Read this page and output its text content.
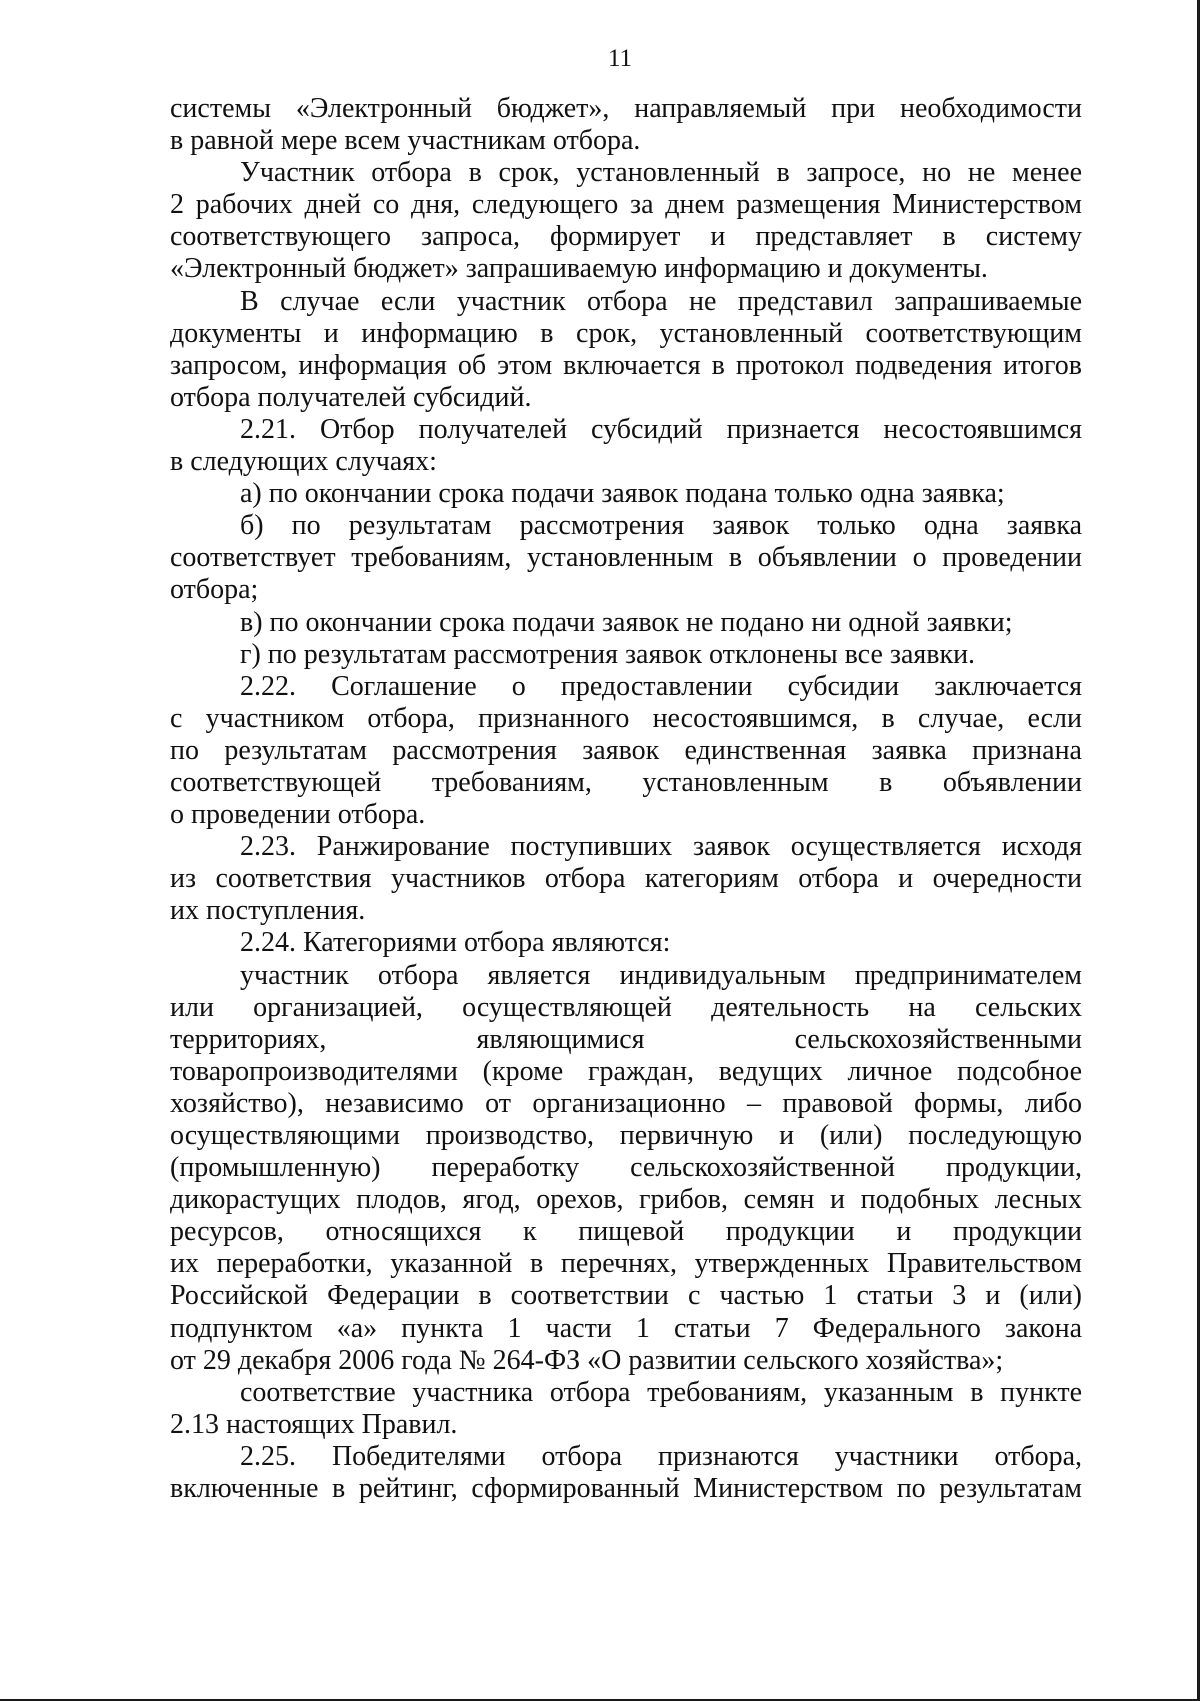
11
системы «Электронный бюджет», направляемый при необходимости
в равной мере всем участникам отбора.
Участник отбора в срок, установленный в запросе, но не менее
2 рабочих дней со дня, следующего за днем размещения Министерством
соответствующего запроса, формирует и представляет в систему
«Электронный бюджет» запрашиваемую информацию и документы.
В случае если участник отбора не представил запрашиваемые
документы и информацию в срок, установленный соответствующим
запросом, информация об этом включается в протокол подведения итогов
отбора получателей субсидий.
2.21. Отбор получателей субсидий признается несостоявшимся
в следующих случаях:
а) по окончании срока подачи заявок подана только одна заявка;
б) по результатам рассмотрения заявок только одна заявка
соответствует требованиям, установленным в объявлении о проведении
отбора;
в) по окончании срока подачи заявок не подано ни одной заявки;
г) по результатам рассмотрения заявок отклонены все заявки.
2.22. Соглашение о предоставлении субсидии заключается
с участником отбора, признанного несостоявшимся, в случае, если
по результатам рассмотрения заявок единственная заявка признана
соответствующей требованиям, установленным в объявлении
о проведении отбора.
2.23. Ранжирование поступивших заявок осуществляется исходя
из соответствия участников отбора категориям отбора и очередности
их поступления.
2.24. Категориями отбора являются:
участник отбора является индивидуальным предпринимателем
или организацией, осуществляющей деятельность на сельских
территориях, являющимися сельскохозяйственными
товаропроизводителями (кроме граждан, ведущих личное подсобное
хозяйство), независимо от организационно – правовой формы, либо
осуществляющими производство, первичную и (или) последующую
(промышленную) переработку сельскохозяйственной продукции,
дикорастущих плодов, ягод, орехов, грибов, семян и подобных лесных
ресурсов, относящихся к пищевой продукции и продукции
их переработки, указанной в перечнях, утвержденных Правительством
Российской Федерации в соответствии с частью 1 статьи 3 и (или)
подпунктом «а» пункта 1 части 1 статьи 7 Федерального закона
от 29 декабря 2006 года № 264-ФЗ «О развитии сельского хозяйства»;
соответствие участника отбора требованиям, указанным в пункте
2.13 настоящих Правил.
2.25. Победителями отбора признаются участники отбора,
включенные в рейтинг, сформированный Министерством по результатам
